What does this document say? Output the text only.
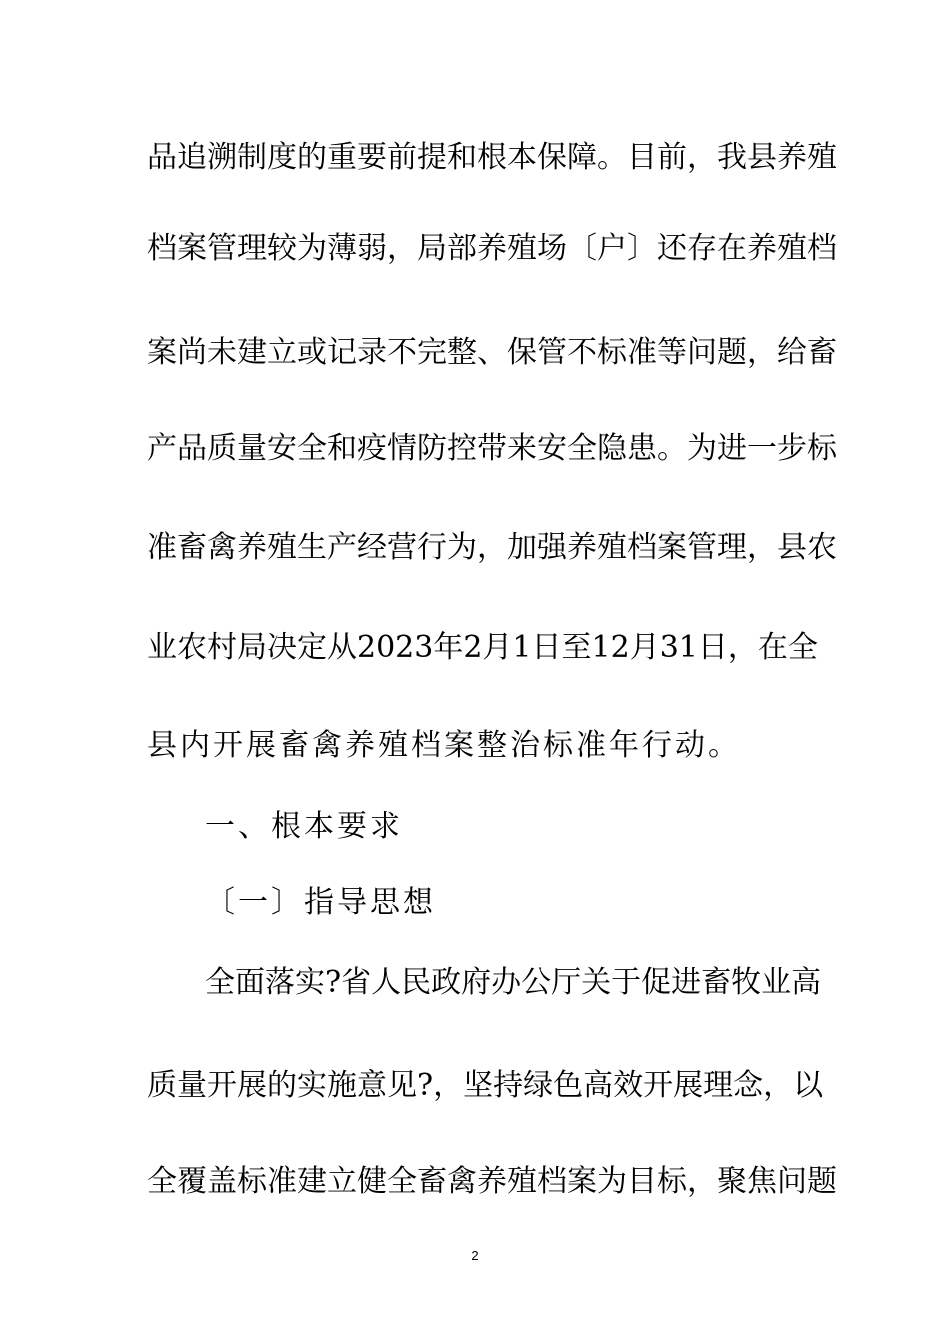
品追溯制度的重要前提和根本保障。目前，我县养殖
档案管理较为薄弱，局部养殖场〔户〕还存在养殖档
案尚未建立或记录不完整、保管不标准等问题，给畜
产品质量安全和疫情防控带来安全隐患。为进一步标
准畜禽养殖生产经营行为，加强养殖档案管理，县农
业农村局决定从2023年2月1日至12月31日，在全
县内开展畜禽养殖档案整治标准年行动。
一、根本要求
〔一〕指导思想
全面落实?省人民政府办公厅关于促进畜牧业高
质量开展的实施意见?，坚持绿色高效开展理念，以
全覆盖标准建立健全畜禽养殖档案为目标，聚焦问题
2
